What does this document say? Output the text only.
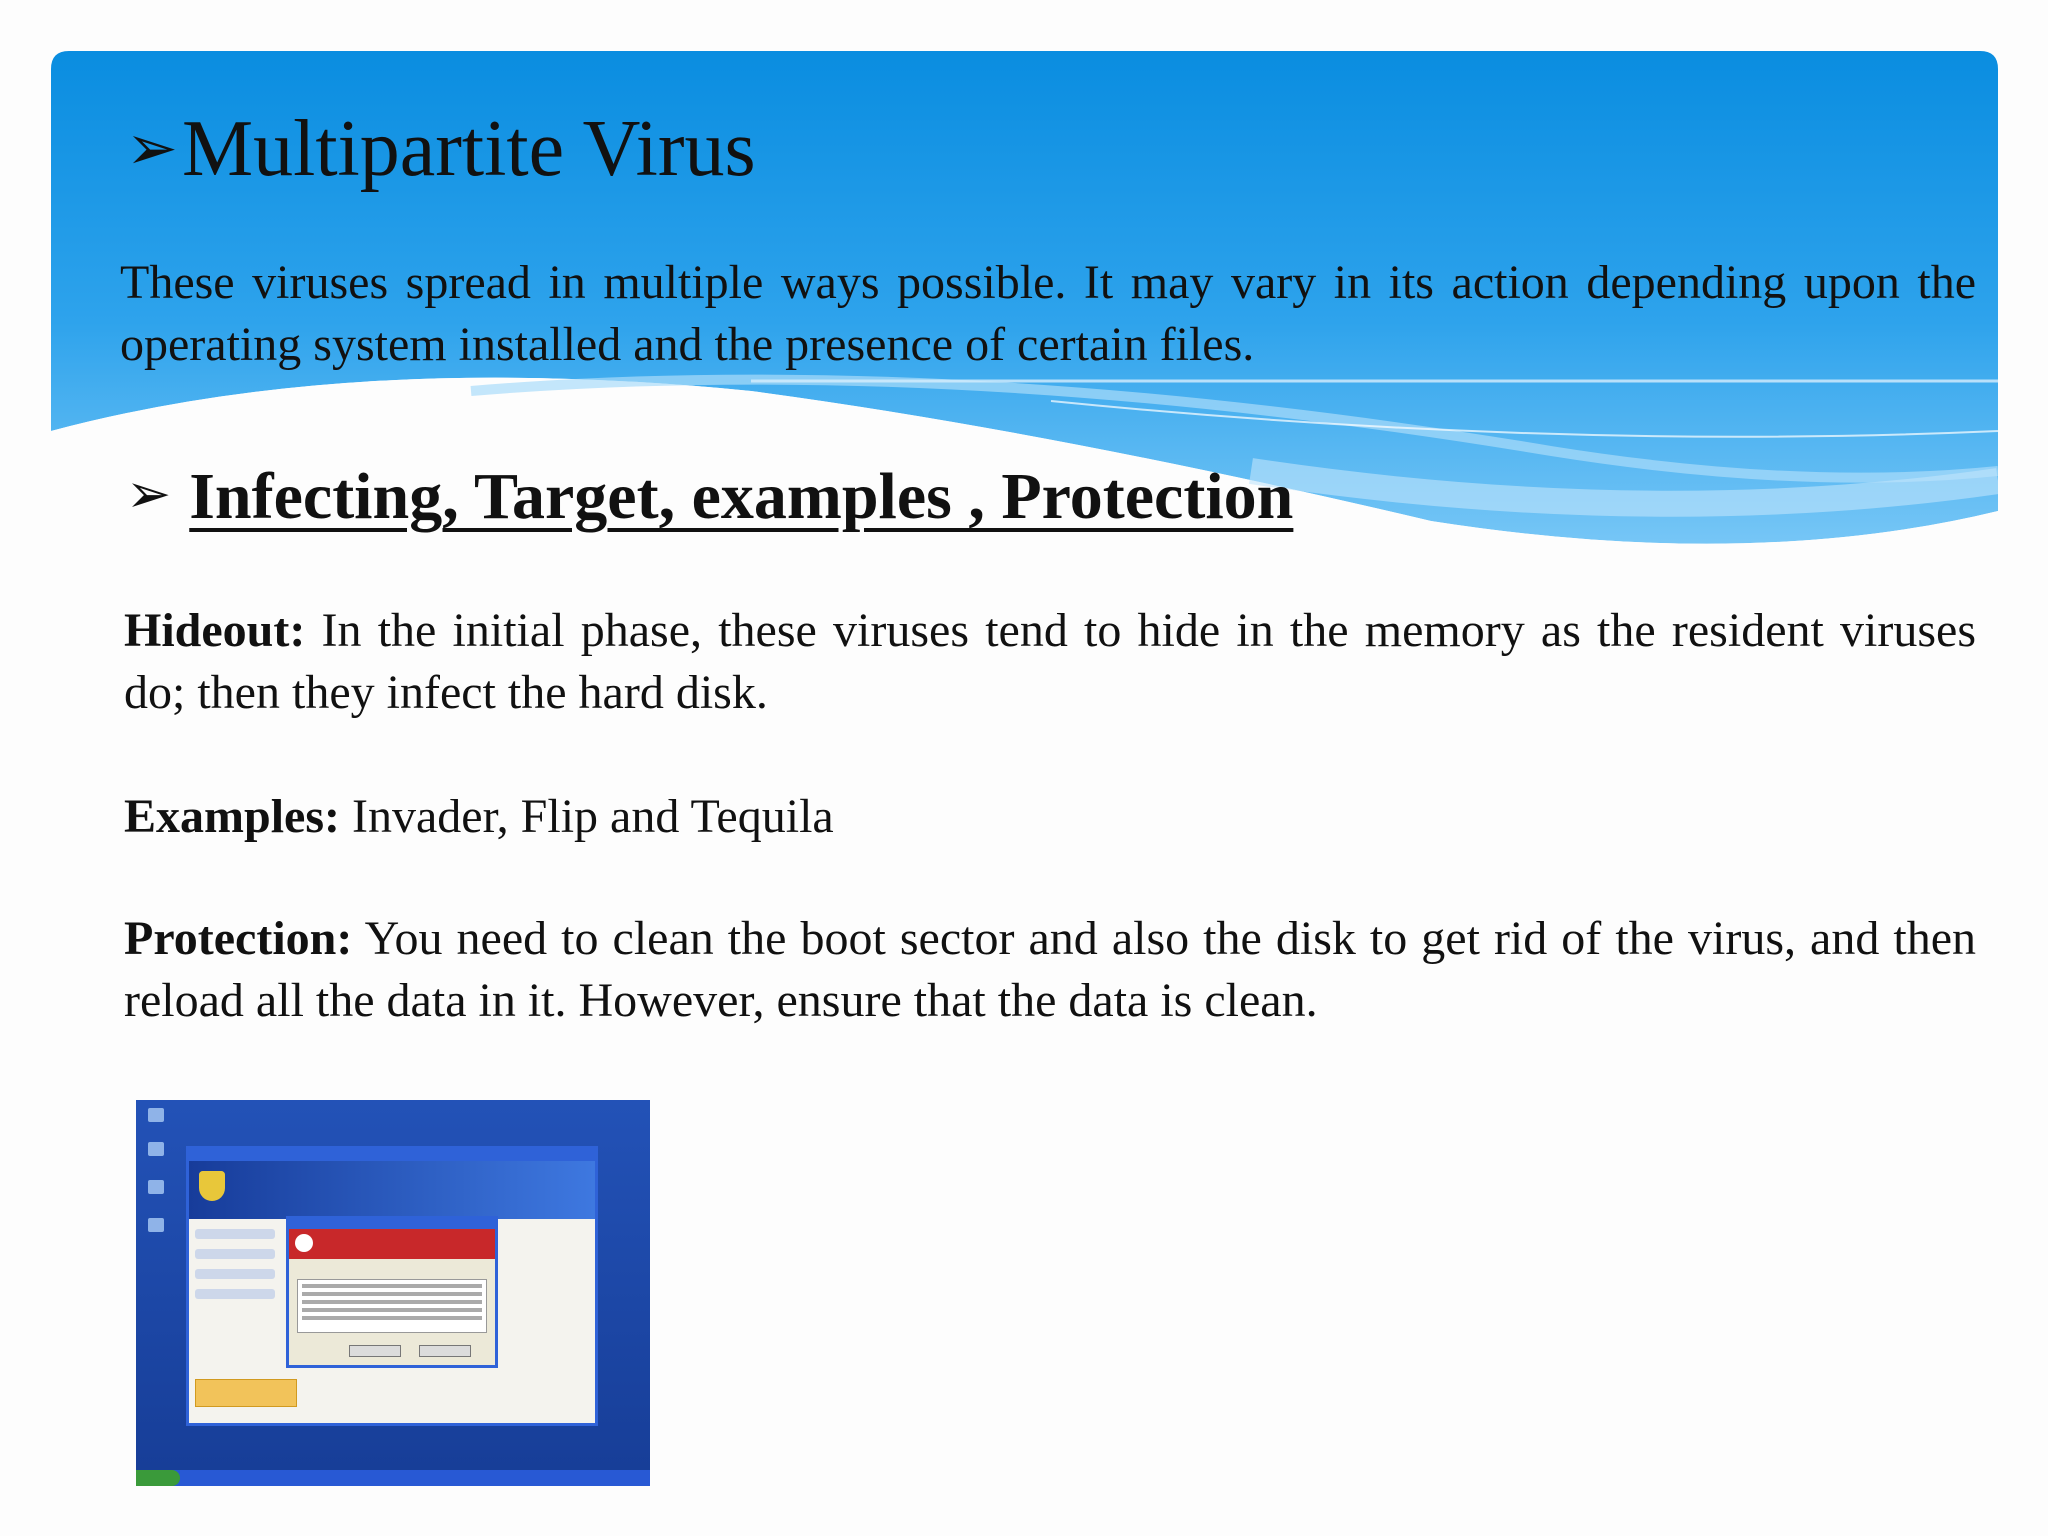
➢Multipartite Virus
These viruses spread in multiple ways possible. It may vary in its action depending upon the operating system installed and the presence of certain files.
➢ Infecting, Target, examples , Protection
Hideout: In the initial phase, these viruses tend to hide in the memory as the resident viruses do; then they infect the hard disk.
Examples: Invader, Flip and Tequila
Protection: You need to clean the boot sector and also the disk to get rid of the virus, and then reload all the data in it. However, ensure that the data is clean.
